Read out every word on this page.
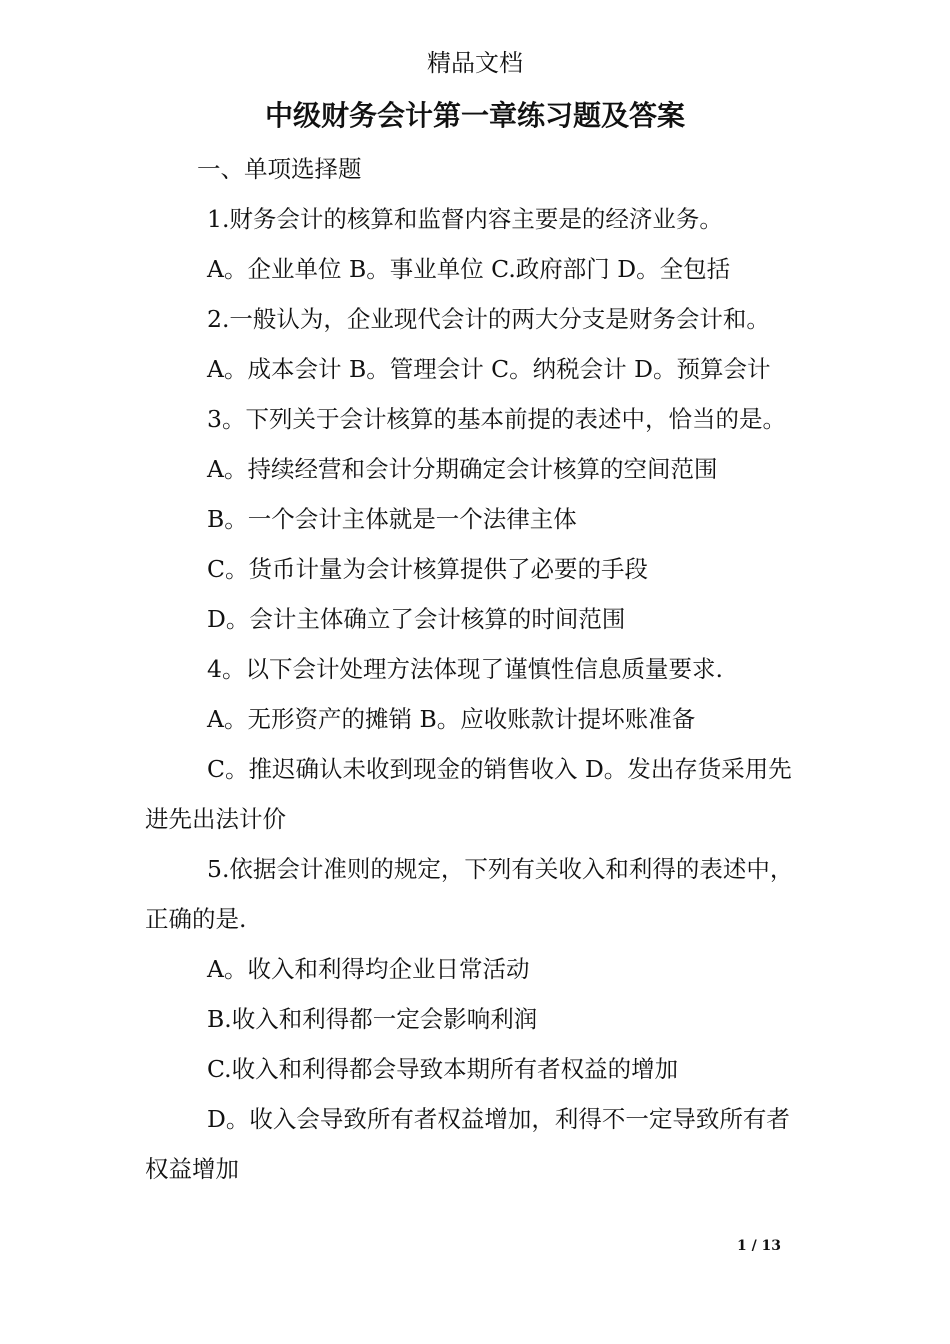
精品文档
中级财务会计第一章练习题及答案

一、单项选择题

1.财务会计的核算和监督内容主要是的经济业务。

A。企业单位 B。事业单位 C.政府部门 D。全包括

2.一般认为，企业现代会计的两大分支是财务会计和。

A。成本会计 B。管理会计 C。纳税会计 D。预算会计

3。下列关于会计核算的基本前提的表述中，恰当的是。

A。持续经营和会计分期确定会计核算的空间范围

B。一个会计主体就是一个法律主体

C。货币计量为会计核算提供了必要的手段

D。会计主体确立了会计核算的时间范围

4。以下会计处理方法体现了谨慎性信息质量要求.

A。无形资产的摊销 B。应收账款计提坏账准备

C。推迟确认未收到现金的销售收入 D。发出存货采用先进先出法计价

5.依据会计准则的规定，下列有关收入和利得的表述中，正确的是.

A。收入和利得均企业日常活动

B.收入和利得都一定会影响利润

C.收入和利得都会导致本期所有者权益的增加

D。收入会导致所有者权益增加，利得不一定导致所有者权益增加

1 / 13
